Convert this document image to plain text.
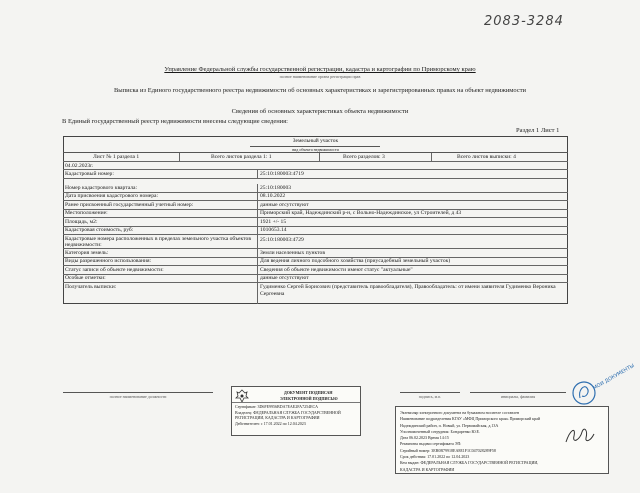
2083-3284
Управление Федеральной службы государственной регистрации, кадастра и картографии по Приморскому краю
полное наименование органа регистрации прав
Выписка из Единого государственного реестра недвижимости об основных характеристиках и зарегистрированных правах на объект недвижимости
Сведения об основных характеристиках объекта недвижимости
В Единый государственный реестр недвижимости внесены следующие сведения:
Раздел 1 Лист 1
Земельный участок
вид объекта недвижимости
Лист № 1 раздела 1	Всего листов раздела 1: 1	Всего разделов: 3	Всего листов выписки: 4
04.02.2023г.
Кадастровый номер:	25:10:180003:4719
Номер кадастрового квартала:	25:10:180003
Дата присвоения кадастрового номера:	08.10.2022
Ранее присвоенный государственный учетный номер:	данные отсутствуют
Местоположение:	Приморский край, Надеждинский р-н, с Вольно-Надеждинское, ул Строителей, д 43
Площадь, м2:	1921 +/- 15
Кадастровая стоимость, руб:	1010653.14
Кадастровые номера расположенных в пределах земельного участка объектов недвижимости:
25:10:180003:4729
Категория земель:	Земли населенных пунктов
Виды разрешенного использования:	Для ведения личного подсобного хозяйства (приусадебный земельный участок)
Статус записи об объекте недвижимости:	Сведения об объекте недвижимости имеют статус "актуальные"
Особые отметки:	данные отсутствуют
Получатель выписки:	Гудименко Сергей Борисович (представитель правообладателя), Правообладатель: от имени заявителя Гудименко Вероника Сергеевна
полное наименование должности	подпись, м.п.	инициалы, фамилия
ДОКУМЕНТ ПОДПИСАН
ЭЛЕКТРОННОЙ ПОДПИСЬЮ
Сертификат: 3D6FE9956BDA7EAE2FA7254ECA
Владелец: ФЕДЕРАЛЬНАЯ СЛУЖБА ГОСУДАРСТВЕННОЙ
РЕГИСТРАЦИИ, КАДАСТРА И КАРТОГРАФИИ
Действителен: с 17.01.2022 по 12.04.2023
Экземпляр электронного документа на бумажном носителе составлен
Наименование подразделения КГАУ «МФЦ Приморского края» Приморский край
Надеждинский район, п. Новый, ул. Первомайская, д.13А
Уполномоченный сотрудник: Бондаренко Ю.Е.
Дата 06.02.2023 Время 14:15
Реквизиты выдачи сертификата ЭП:
Серийный номер: 3EB0B79918EA8E1F1C047028289F58
Срок действия: 17.01.2022 по 12.04.2023
Кем выдан: ФЕДЕРАЛЬНАЯ СЛУЖБА ГОСУДАРСТВЕННОЙ РЕГИСТРАЦИИ,
КАДАСТРА И КАРТОГРАФИИ
МОИ ДОКУМЕНТЫ
